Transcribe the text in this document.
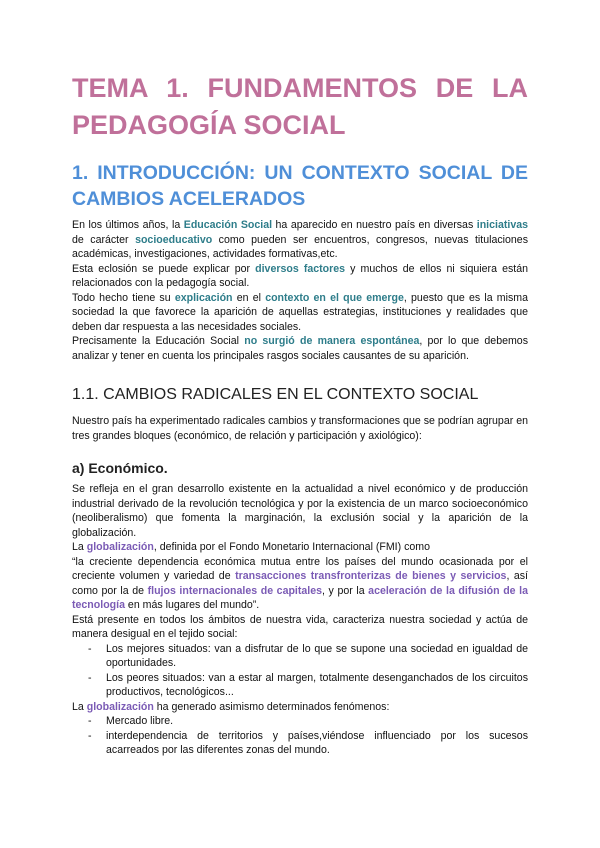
TEMA 1. FUNDAMENTOS DE LA PEDAGOGÍA SOCIAL
1. INTRODUCCIÓN: UN CONTEXTO SOCIAL DE CAMBIOS ACELERADOS

En los últimos años, la Educación Social ha aparecido en nuestro país en diversas iniciativas de carácter socioeducativo como pueden ser encuentros, congresos, nuevas titulaciones académicas, investigaciones, actividades formativas,etc.

Esta eclosión se puede explicar por diversos factores y muchos de ellos ni siquiera están relacionados con la pedagogía social.

Todo hecho tiene su explicación en el contexto en el que emerge, puesto que es la misma sociedad la que favorece la aparición de aquellas estrategias, instituciones y realidades que deben dar respuesta a las necesidades sociales.

Precisamente la Educación Social no surgió de manera espontánea, por lo que debemos analizar y tener en cuenta los principales rasgos sociales causantes de su aparición.

1.1. CAMBIOS RADICALES EN EL CONTEXTO SOCIAL

Nuestro país ha experimentado radicales cambios y transformaciones que se podrían agrupar en tres grandes bloques (económico, de relación y participación y axiológico):

a) Económico.

Se refleja en el gran desarrollo existente en la actualidad a nivel económico y de producción industrial derivado de la revolución tecnológica y por la existencia de un marco socioeconómico (neoliberalismo) que fomenta la marginación, la exclusión social y la aparición de la globalización.

La globalización, definida por el Fondo Monetario Internacional (FMI) como

“la creciente dependencia económica mutua entre los países del mundo ocasionada por el creciente volumen y variedad de transacciones transfronterizas de bienes y servicios, así como por la de flujos internacionales de capitales, y por la aceleración de la difusión de la tecnología en más lugares del mundo”.

Está presente en todos los ámbitos de nuestra vida, caracteriza nuestra sociedad y actúa de manera desigual en el tejido social:

- Los mejores situados: van a disfrutar de lo que se supone una sociedad en igualdad de oportunidades.
- Los peores situados: van a estar al margen, totalmente desenganchados de los circuitos productivos, tecnológicos...

La globalización ha generado asimismo determinados fenómenos:

- Mercado libre.
- interdependencia de territorios y países,viéndose influenciado por los sucesos acarreados por las diferentes zonas del mundo.
